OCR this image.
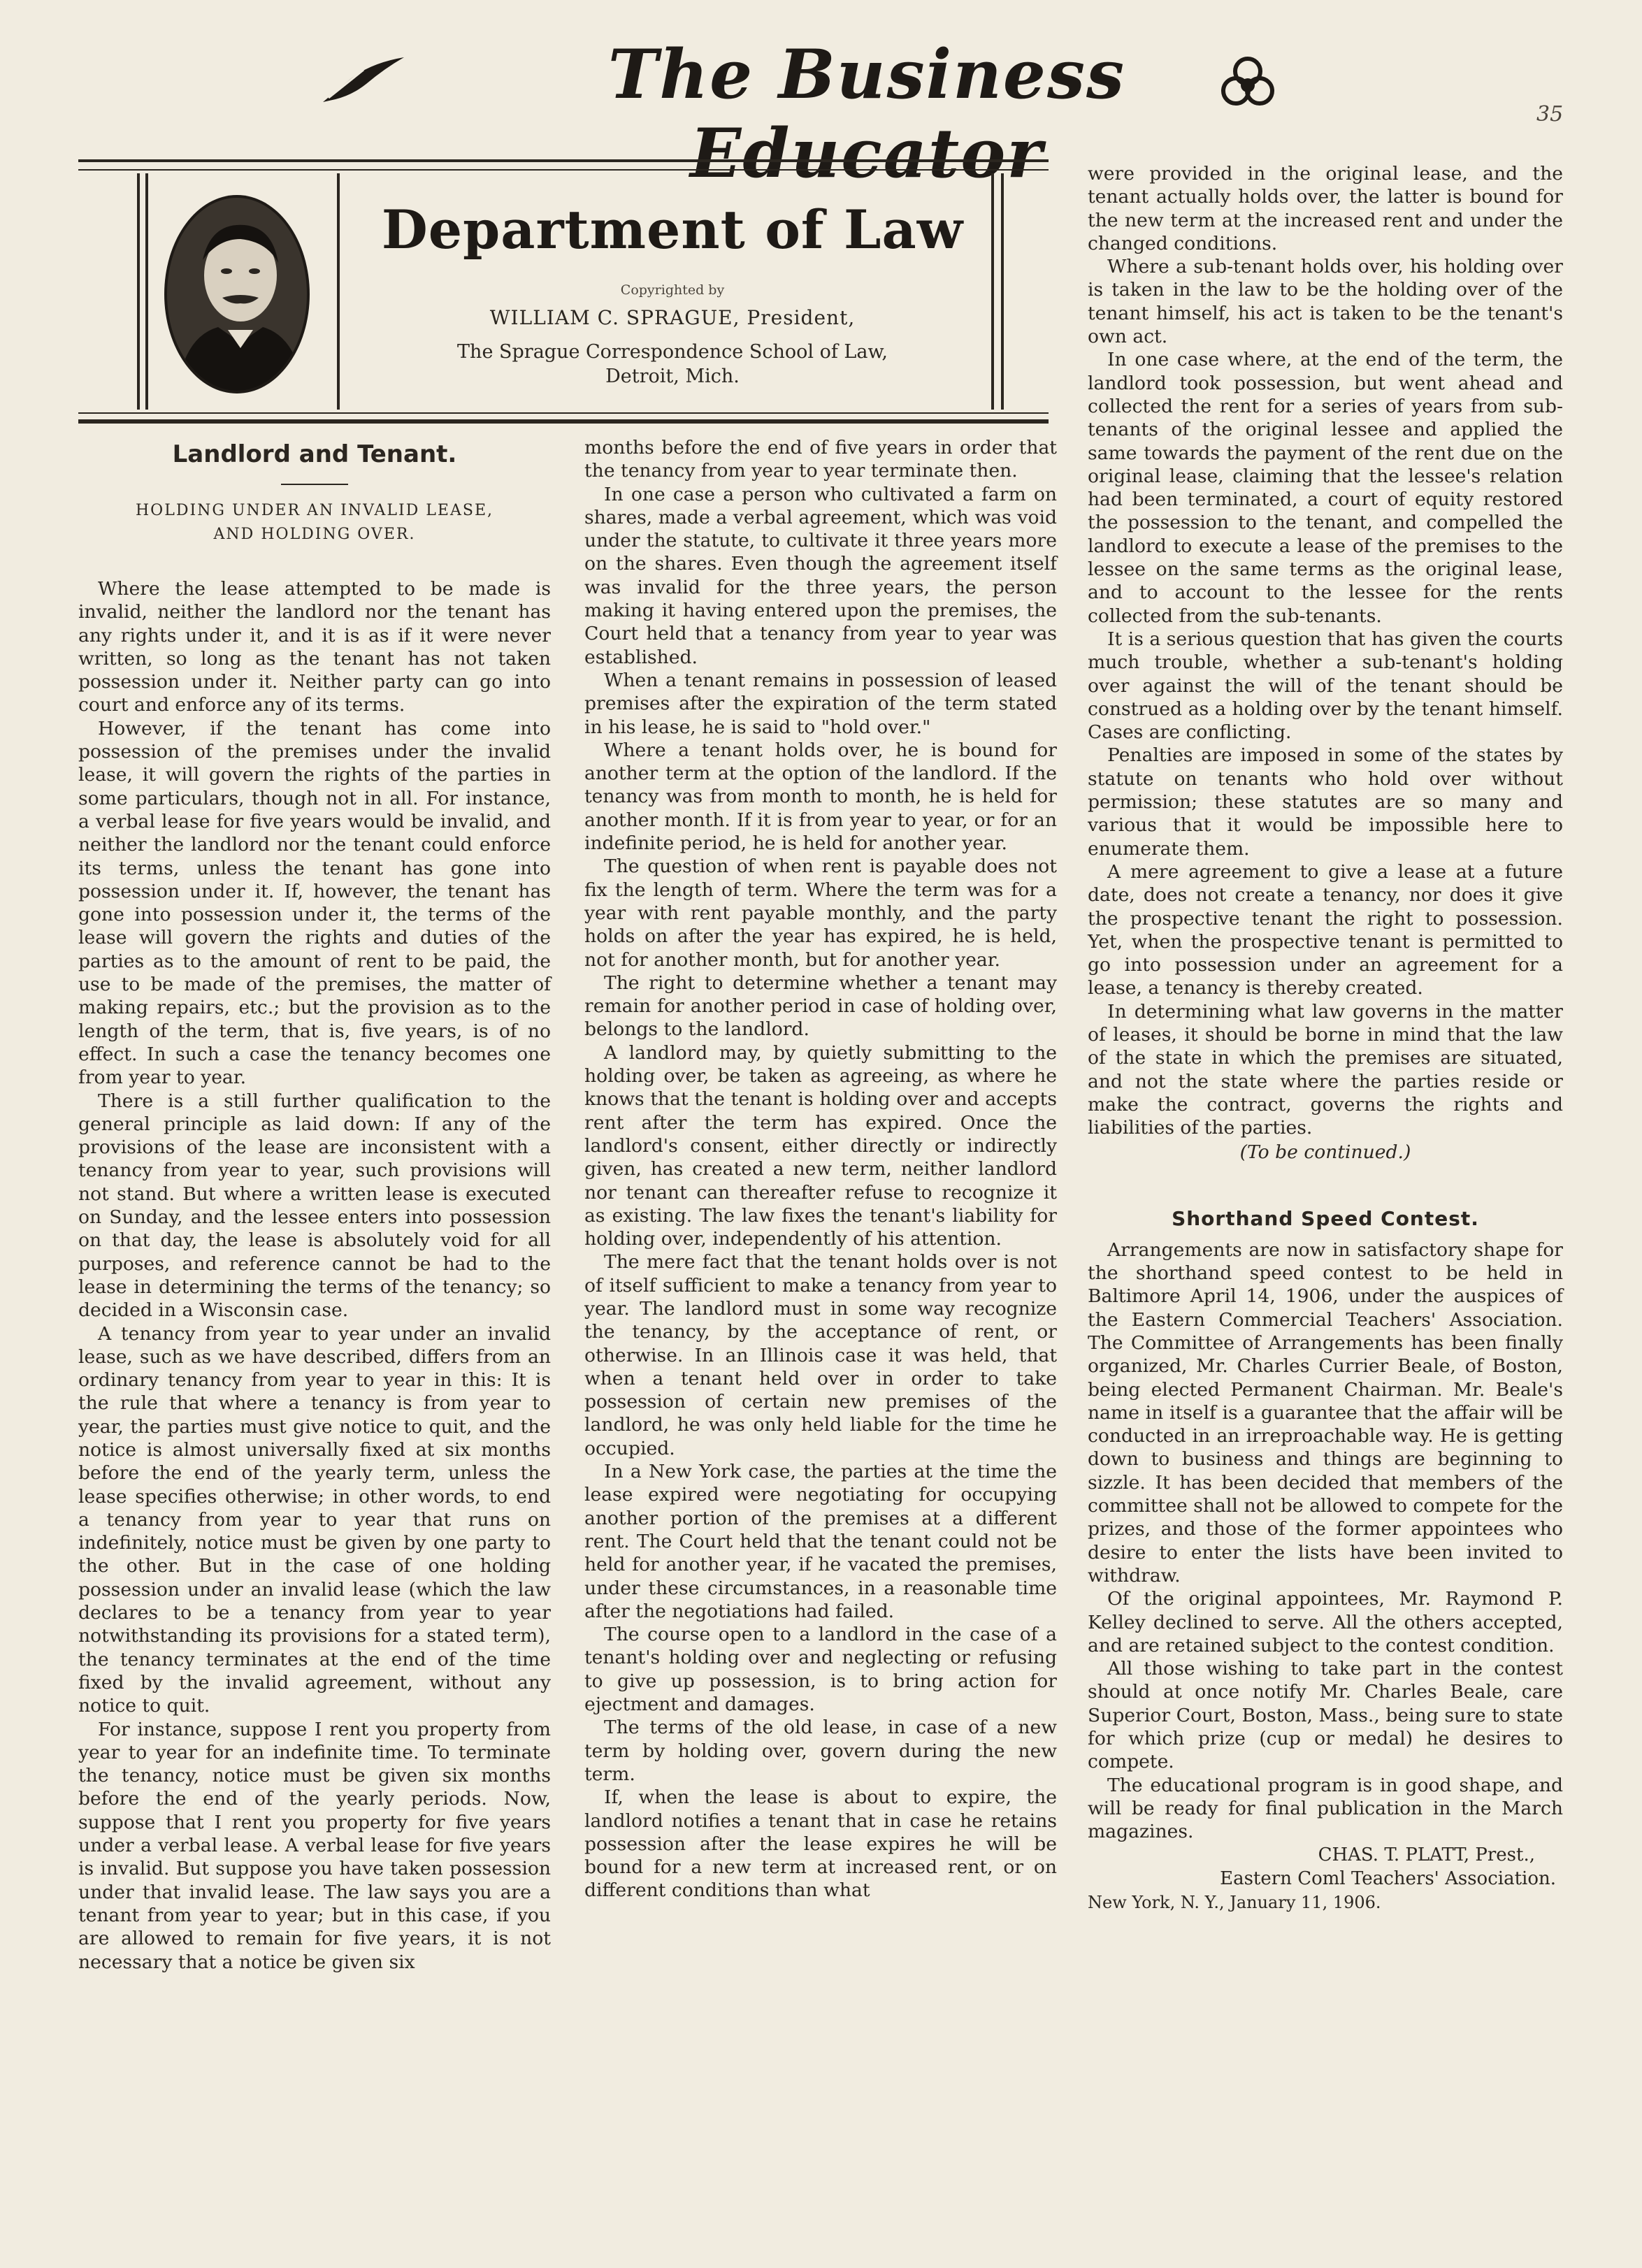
The Business Educator	35
Department of Law
Copyrighted by
WILLIAM C. SPRAGUE, President,
The Sprague Correspondence School of Law,
Detroit, Mich.
Landlord and Tenant.
HOLDING UNDER AN INVALID LEASE,
AND HOLDING OVER.

Where the lease attempted to be made is invalid, neither the landlord nor the tenant has any rights under it, and it is as if it were never written, so long as the tenant has not taken possession under it. Neither party can go into court and enforce any of its terms.

However, if the tenant has come into possession of the premises under the invalid lease, it will govern the rights of the parties in some particulars, though not in all. For instance, a verbal lease for five years would be invalid, and neither the landlord nor the tenant could enforce its terms, unless the tenant has gone into possession under it. If, however, the tenant has gone into possession under it, the terms of the lease will govern the rights and duties of the parties as to the amount of rent to be paid, the use to be made of the premises, the matter of making repairs, etc.; but the provision as to the length of the term, that is, five years, is of no effect. In such a case the tenancy becomes one from year to year.

There is a still further qualification to the general principle as laid down: If any of the provisions of the lease are inconsistent with a tenancy from year to year, such provisions will not stand. But where a written lease is executed on Sunday, and the lessee enters into possession on that day, the lease is absolutely void for all purposes, and reference cannot be had to the lease in determining the terms of the tenancy; so decided in a Wisconsin case.

A tenancy from year to year under an invalid lease, such as we have described, differs from an ordinary tenancy from year to year in this: It is the rule that where a tenancy is from year to year, the parties must give notice to quit, and the notice is almost universally fixed at six months before the end of the yearly term, unless the lease specifies otherwise; in other words, to end a tenancy from year to year that runs on indefinitely, notice must be given by one party to the other. But in the case of one holding possession under an invalid lease (which the law declares to be a tenancy from year to year notwithstanding its provisions for a stated term), the tenancy terminates at the end of the time fixed by the invalid agreement, without any notice to quit.

For instance, suppose I rent you property from year to year for an indefinite time. To terminate the tenancy, notice must be given six months before the end of the yearly periods. Now, suppose that I rent you property for five years under a verbal lease. A verbal lease for five years is invalid. But suppose you have taken possession under that invalid lease. The law says you are a tenant from year to year; but in this case, if you are allowed to remain for five years, it is not necessary that a notice be given six

months before the end of five years in order that the tenancy from year to year terminate then.

In one case a person who cultivated a farm on shares, made a verbal agreement, which was void under the statute, to cultivate it three years more on the shares. Even though the agreement itself was invalid for the three years, the person making it having entered upon the premises, the Court held that a tenancy from year to year was established.

When a tenant remains in possession of leased premises after the expiration of the term stated in his lease, he is said to "hold over."

Where a tenant holds over, he is bound for another term at the option of the landlord. If the tenancy was from month to month, he is held for another month. If it is from year to year, or for an indefinite period, he is held for another year.

The question of when rent is payable does not fix the length of term. Where the term was for a year with rent payable monthly, and the party holds on after the year has expired, he is held, not for another month, but for another year.

The right to determine whether a tenant may remain for another period in case of holding over, belongs to the landlord.

A landlord may, by quietly submitting to the holding over, be taken as agreeing, as where he knows that the tenant is holding over and accepts rent after the term has expired. Once the landlord's consent, either directly or indirectly given, has created a new term, neither landlord nor tenant can thereafter refuse to recognize it as existing. The law fixes the tenant's liability for holding over, independently of his attention.

The mere fact that the tenant holds over is not of itself sufficient to make a tenancy from year to year. The landlord must in some way recognize the tenancy, by the acceptance of rent, or otherwise. In an Illinois case it was held, that when a tenant held over in order to take possession of certain new premises of the landlord, he was only held liable for the time he occupied.

In a New York case, the parties at the time the lease expired were negotiating for occupying another portion of the premises at a different rent. The Court held that the tenant could not be held for another year, if he vacated the premises, under these circumstances, in a reasonable time after the negotiations had failed.

The course open to a landlord in the case of a tenant's holding over and neglecting or refusing to give up possession, is to bring action for ejectment and damages.

The terms of the old lease, in case of a new term by holding over, govern during the new term.

If, when the lease is about to expire, the landlord notifies a tenant that in case he retains possession after the lease expires he will be bound for a new term at increased rent, or on different conditions than what

were provided in the original lease, and the tenant actually holds over, the latter is bound for the new term at the increased rent and under the changed conditions.

Where a sub-tenant holds over, his holding over is taken in the law to be the holding over of the tenant himself, his act is taken to be the tenant's own act.

In one case where, at the end of the term, the landlord took possession, but went ahead and collected the rent for a series of years from sub-tenants of the original lessee and applied the same towards the payment of the rent due on the original lease, claiming that the lessee's relation had been terminated, a court of equity restored the possession to the tenant, and compelled the landlord to execute a lease of the premises to the lessee on the same terms as the original lease, and to account to the lessee for the rents collected from the sub-tenants.

It is a serious question that has given the courts much trouble, whether a sub-tenant's holding over against the will of the tenant should be construed as a holding over by the tenant himself. Cases are conflicting.

Penalties are imposed in some of the states by statute on tenants who hold over without permission; these statutes are so many and various that it would be impossible here to enumerate them.

A mere agreement to give a lease at a future date, does not create a tenancy, nor does it give the prospective tenant the right to possession. Yet, when the prospective tenant is permitted to go into possession under an agreement for a lease, a tenancy is thereby created.

In determining what law governs in the matter of leases, it should be borne in mind that the law of the state in which the premises are situated, and not the state where the parties reside or make the contract, governs the rights and liabilities of the parties.

(To be continued.)
Shorthand Speed Contest.

Arrangements are now in satisfactory shape for the shorthand speed contest to be held in Baltimore April 14, 1906, under the auspices of the Eastern Commercial Teachers' Association. The Committee of Arrangements has been finally organized, Mr. Charles Currier Beale, of Boston, being elected Permanent Chairman. Mr. Beale's name in itself is a guarantee that the affair will be conducted in an irreproachable way. He is getting down to business and things are beginning to sizzle. It has been decided that members of the committee shall not be allowed to compete for the prizes, and those of the former appointees who desire to enter the lists have been invited to withdraw.

Of the original appointees, Mr. Raymond P. Kelley declined to serve. All the others accepted, and are retained subject to the contest condition.

All those wishing to take part in the contest should at once notify Mr. Charles Beale, care Superior Court, Boston, Mass., being sure to state for which prize (cup or medal) he desires to compete.

The educational program is in good shape, and will be ready for final publication in the March magazines.

CHAS. T. PLATT, Prest.,
Eastern Coml Teachers' Association.
New York, N. Y., January 11, 1906.
